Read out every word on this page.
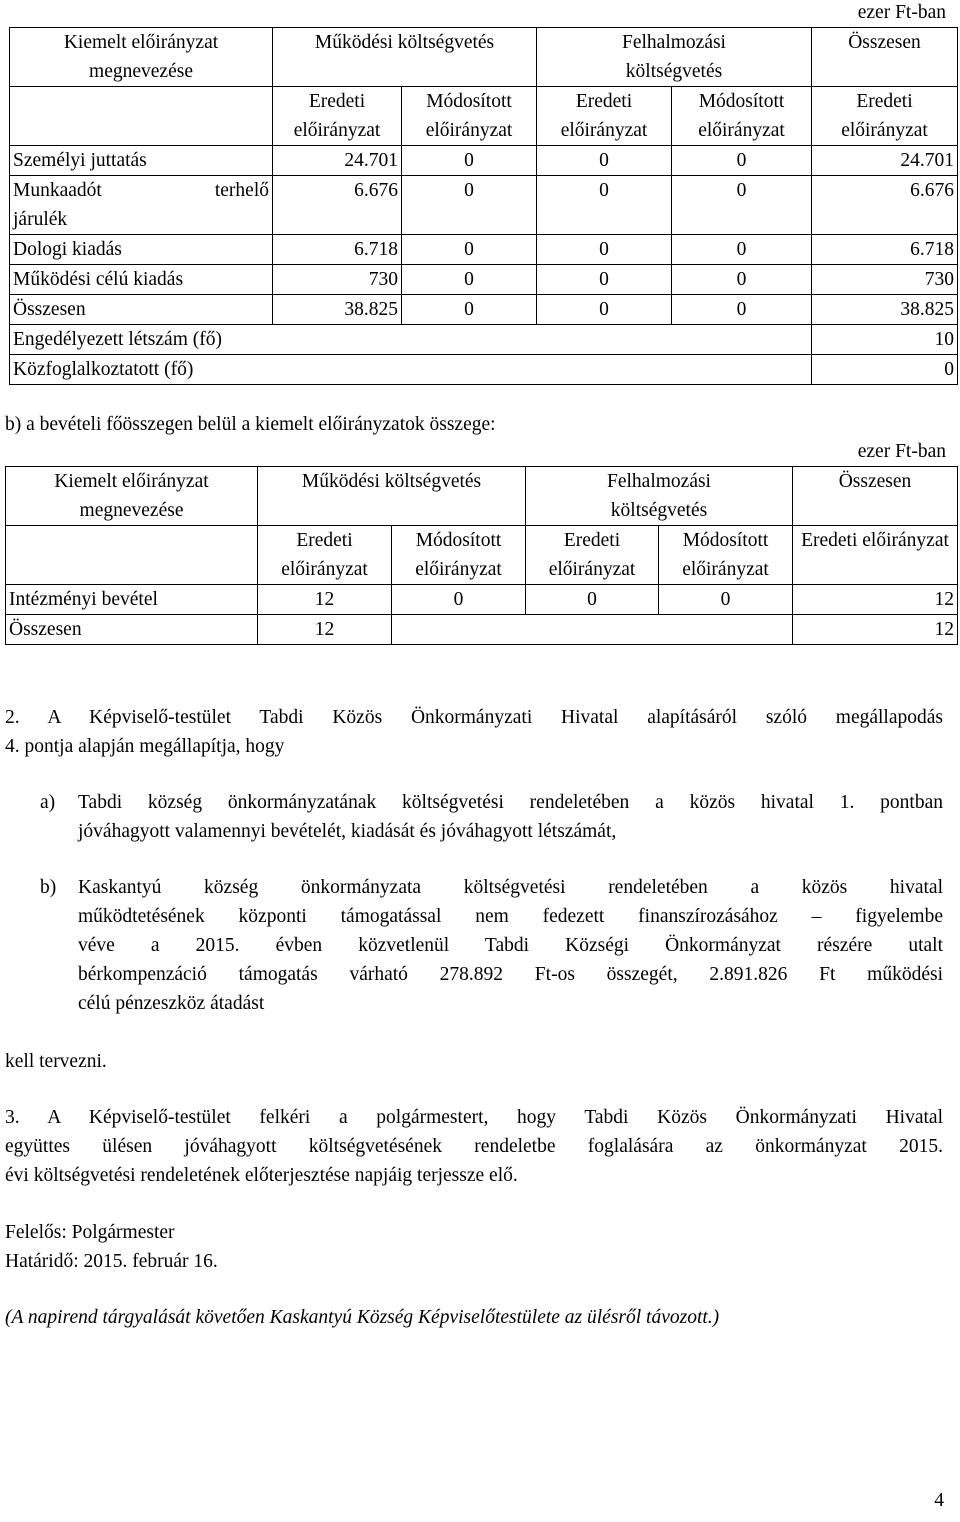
ezer Ft-ban
Kiemelt előirányzat megnevezése	Működési költségvetés		Felhalmozási költségvetés		Összesen
	Eredeti előirányzat	Módosított előirányzat	Eredeti előirányzat	Módosított előirányzat	Eredeti előirányzat
Személyi juttatás	24.701	0	0	0	24.701

Munkaadót terhelő
járulék	6.676	0	0	0	6.676
Dologi kiadás	6.718	0	0	0	6.718
Működési célú kiadás	730	0	0	0	730
Összesen	38.825	0	0	0	38.825
Engedélyezett létszám (fő)					10
Közfoglalkoztatott (fő)					0
b) a bevételi főösszegen belül a kiemelt előirányzatok összege:
ezer Ft-ban
Kiemelt előirányzat megnevezése	Működési költségvetés		Felhalmozási költségvetés		Összesen
	Eredeti előirányzat	Módosított előirányzat	Eredeti előirányzat	Módosított előirányzat	Eredeti előirányzat
Intézményi bevétel	12	0	0	0	12
Összesen	12				12
2. A Képviselő-testület Tabdi Közös Önkormányzati Hivatal alapításáról szóló megállapodás
4. pontja alapján megállapítja, hogy
a) Tabdi község önkormányzatának költségvetési rendeletében a közös hivatal 1. pontban
jóváhagyott valamennyi bevételét, kiadását és jóváhagyott létszámát,
b) Kaskantyú község önkormányzata költségvetési rendeletében a közös hivatal
működtetésének központi támogatással nem fedezett finanszírozásához – figyelembe
véve a 2015. évben közvetlenül Tabdi Községi Önkormányzat részére utalt
bérkompenzáció támogatás várható 278.892 Ft-os összegét, 2.891.826 Ft működési
célú pénzeszköz átadást
kell tervezni.
3. A Képviselő-testület felkéri a polgármestert, hogy Tabdi Közös Önkormányzati Hivatal
együttes ülésen jóváhagyott költségvetésének rendeletbe foglalására az önkormányzat 2015.
évi költségvetési rendeletének előterjesztése napjáig terjessze elő.
Felelős: Polgármester
Határidő: 2015. február 16.
(A napirend tárgyalását követően Kaskantyú Község Képviselőtestülete az ülésről távozott.)
4
